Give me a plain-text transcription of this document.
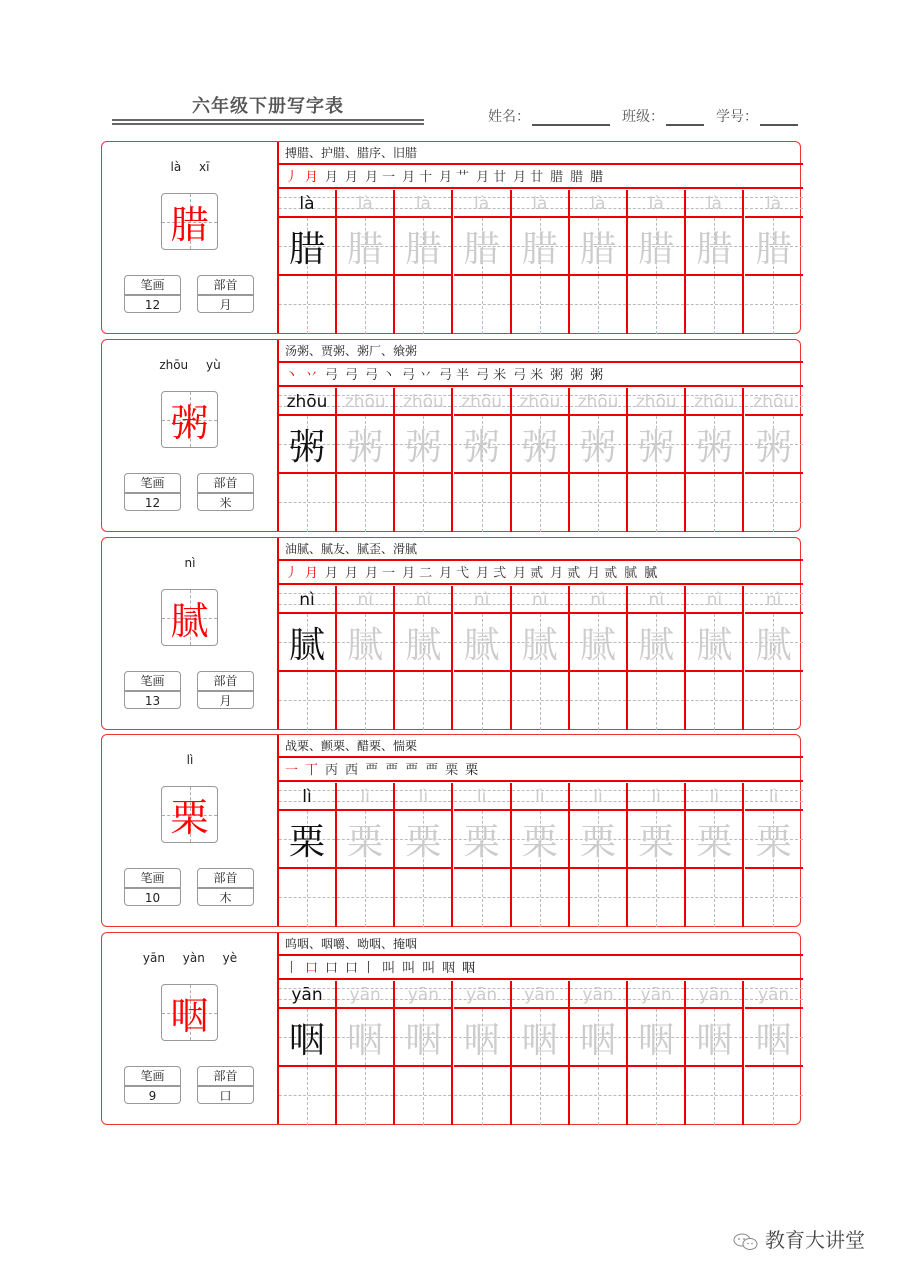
六年级下册写字表	姓名：	班级：	学号：
là xī
腊
笔画
12
部首
月
搏腊、护腊、腊序、旧腊
丿 月 月 月 月一 月十 月艹 月廿 月廿 腊 腊 腊
là
腊
là
腊
là
腊
là
腊
là
腊
là
腊
là
腊
là
腊
là
腊
zhōu yù
粥
笔画
12
部首
米
汤粥、贾粥、粥厂、飨粥
丶 丷 弓 弓 弓丶 弓丷 弓半 弓米 弓米 粥 粥 粥
zhōu
粥
zhōu
粥
zhōu
粥
zhōu
粥
zhōu
粥
zhōu
粥
zhōu
粥
zhōu
粥
zhōu
粥
nì
腻
笔画
13
部首
月
油腻、腻友、腻歪、滑腻
丿 月 月 月 月一 月二 月弋 月弍 月贰 月贰 月贰 腻 腻
nì
腻
nì
腻
nì
腻
nì
腻
nì
腻
nì
腻
nì
腻
nì
腻
nì
腻
lì
栗
笔画
10
部首
木
战栗、颤栗、醋栗、惴栗
一 丅 丙 西 覀 覀 覀 覀 栗 栗
lì
栗
lì
栗
lì
栗
lì
栗
lì
栗
lì
栗
lì
栗
lì
栗
lì
栗
yān yàn yè
咽
笔画
9
部首
口
呜咽、咽嚼、呦咽、掩咽
丨 口 口 口丨 叫 叫 叫 咽 咽
yān
咽
yān
咽
yān
咽
yān
咽
yān
咽
yān
咽
yān
咽
yān
咽
yān
咽
教育大讲堂
